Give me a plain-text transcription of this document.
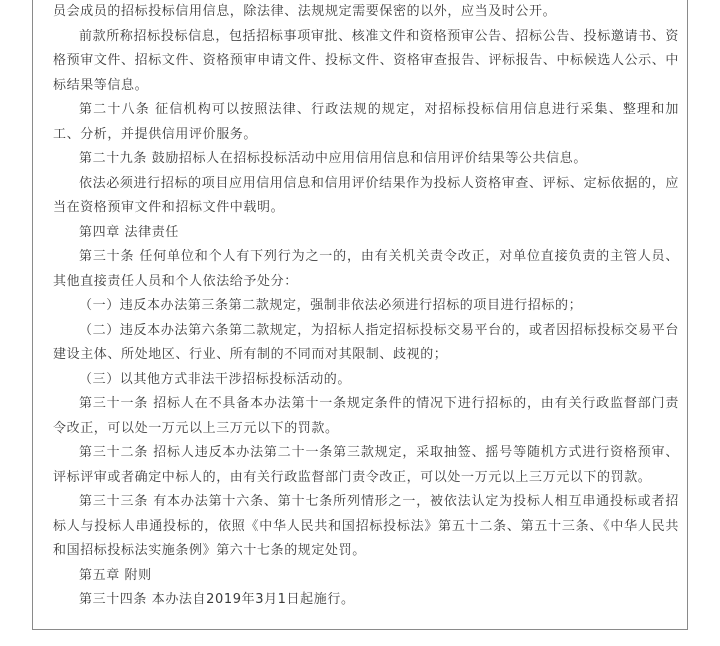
员会成员的招标投标信用信息，除法律、法规规定需要保密的以外，应当及时公开。

前款所称招标投标信息，包括招标事项审批、核准文件和资格预审公告、招标公告、投标邀请书、资格预审文件、招标文件、资格预审申请文件、投标文件、资格审查报告、评标报告、中标候选人公示、中标结果等信息。

第二十八条 征信机构可以按照法律、行政法规的规定，对招标投标信用信息进行采集、整理和加工、分析，并提供信用评价服务。

第二十九条 鼓励招标人在招标投标活动中应用信用信息和信用评价结果等公共信息。

依法必须进行招标的项目应用信用信息和信用评价结果作为投标人资格审查、评标、定标依据的，应当在资格预审文件和招标文件中载明。

第四章 法律责任

第三十条 任何单位和个人有下列行为之一的，由有关机关责令改正，对单位直接负责的主管人员、其他直接责任人员和个人依法给予处分：

（一）违反本办法第三条第二款规定，强制非依法必须进行招标的项目进行招标的；

（二）违反本办法第六条第二款规定，为招标人指定招标投标交易平台的，或者因招标投标交易平台建设主体、所处地区、行业、所有制的不同而对其限制、歧视的；

（三）以其他方式非法干涉招标投标活动的。

第三十一条 招标人在不具备本办法第十一条规定条件的情况下进行招标的，由有关行政监督部门责令改正，可以处一万元以上三万元以下的罚款。

第三十二条 招标人违反本办法第二十一条第三款规定，采取抽签、摇号等随机方式进行资格预审、评标评审或者确定中标人的，由有关行政监督部门责令改正，可以处一万元以上三万元以下的罚款。

第三十三条 有本办法第十六条、第十七条所列情形之一，被依法认定为投标人相互串通投标或者招标人与投标人串通投标的，依照《中华人民共和国招标投标法》第五十二条、第五十三条、《中华人民共和国招标投标法实施条例》第六十七条的规定处罚。

第五章 附则

第三十四条 本办法自2019年3月1日起施行。
